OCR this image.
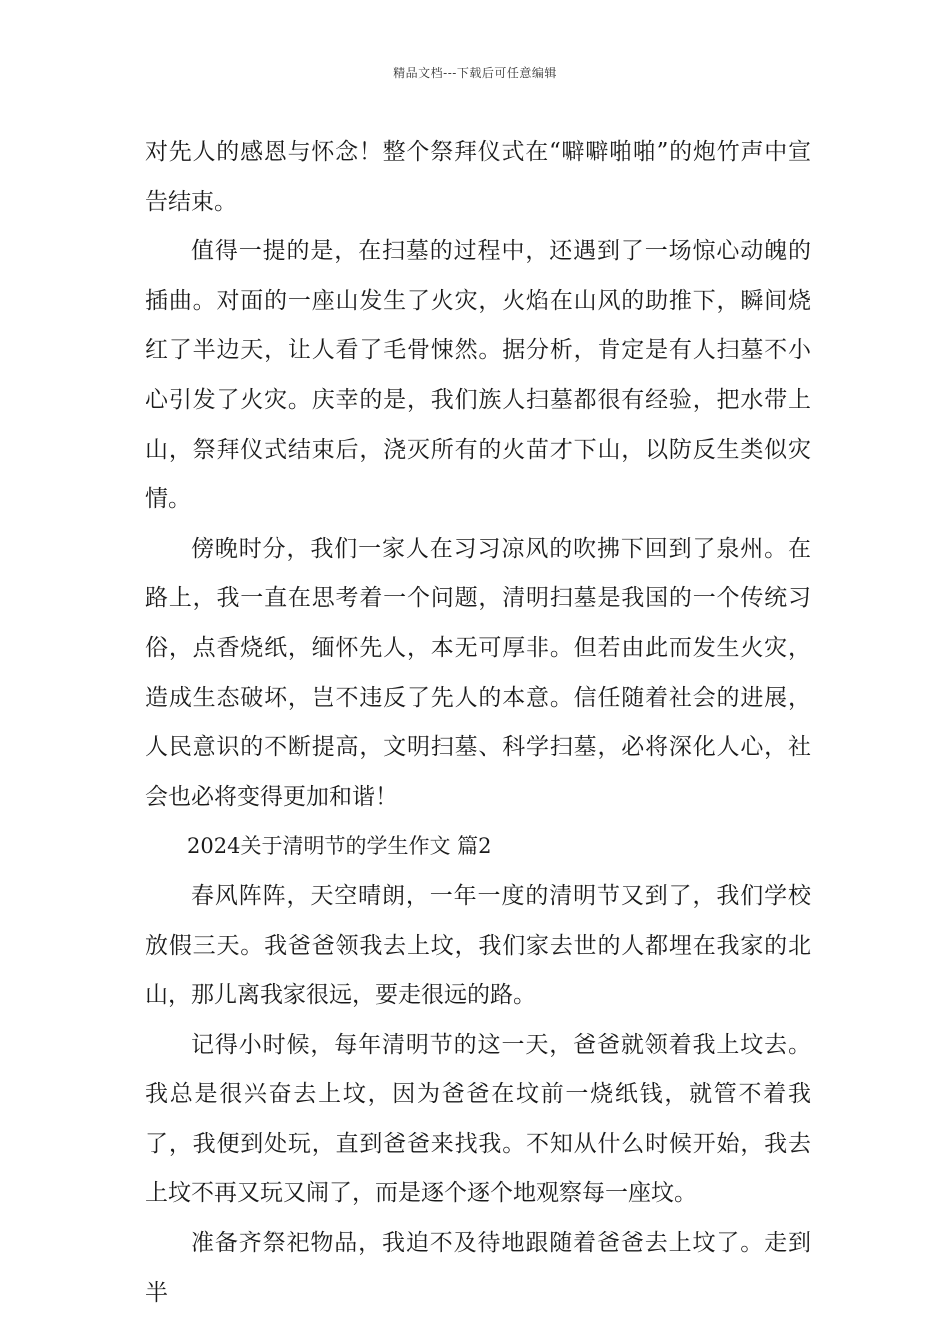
精品文档---下载后可任意编辑

对先人的感恩与怀念！整个祭拜仪式在“噼噼啪啪”的炮竹声中宣告结束。

值得一提的是，在扫墓的过程中，还遇到了一场惊心动魄的插曲。对面的一座山发生了火灾，火焰在山风的助推下，瞬间烧红了半边天，让人看了毛骨悚然。据分析，肯定是有人扫墓不小心引发了火灾。庆幸的是，我们族人扫墓都很有经验，把水带上山，祭拜仪式结束后，浇灭所有的火苗才下山，以防反生类似灾情。

傍晚时分，我们一家人在习习凉风的吹拂下回到了泉州。在路上，我一直在思考着一个问题，清明扫墓是我国的一个传统习俗，点香烧纸，缅怀先人，本无可厚非。但若由此而发生火灾，造成生态破坏，岂不违反了先人的本意。信任随着社会的进展，人民意识的不断提高，文明扫墓、科学扫墓，必将深化人心，社会也必将变得更加和谐！

2024关于清明节的学生作文 篇2

春风阵阵，天空晴朗，一年一度的清明节又到了，我们学校放假三天。我爸爸领我去上坟，我们家去世的人都埋在我家的北山，那儿离我家很远，要走很远的路。

记得小时候，每年清明节的这一天，爸爸就领着我上坟去。我总是很兴奋去上坟，因为爸爸在坟前一烧纸钱，就管不着我了，我便到处玩，直到爸爸来找我。不知从什么时候开始，我去上坟不再又玩又闹了，而是逐个逐个地观察每一座坟。

准备齐祭祀物品，我迫不及待地跟随着爸爸去上坟了。走到半
